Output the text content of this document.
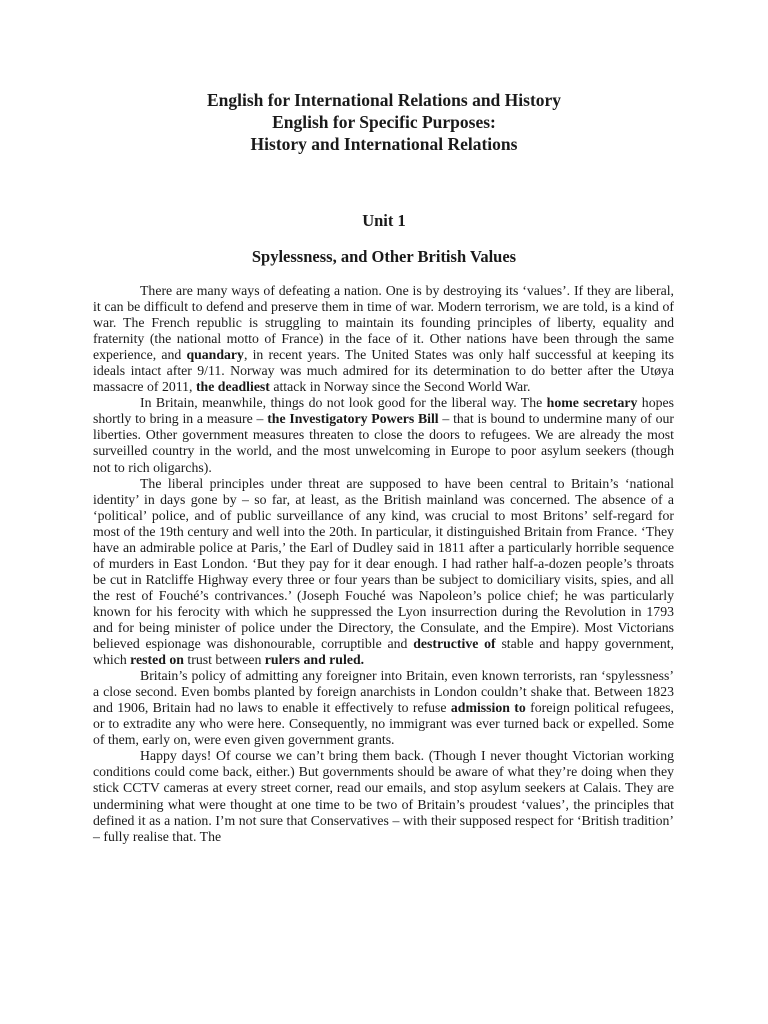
English for International Relations and History
English for Specific Purposes:
History and International Relations
Unit 1
Spylessness, and Other British Values

There are many ways of defeating a nation. One is by destroying its ‘values’. If they are liberal, it can be difficult to defend and preserve them in time of war. Modern terrorism, we are told, is a kind of war. The French republic is struggling to maintain its founding principles of liberty, equality and fraternity (the national motto of France) in the face of it. Other nations have been through the same experience, and quandary, in recent years. The United States was only half successful at keeping its ideals intact after 9/11. Norway was much admired for its determination to do better after the Utøya massacre of 2011, the deadliest attack in Norway since the Second World War.

In Britain, meanwhile, things do not look good for the liberal way. The home secretary hopes shortly to bring in a measure – the Investigatory Powers Bill – that is bound to undermine many of our liberties. Other government measures threaten to close the doors to refugees. We are already the most surveilled country in the world, and the most unwelcoming in Europe to poor asylum seekers (though not to rich oligarchs).

The liberal principles under threat are supposed to have been central to Britain’s ‘national identity’ in days gone by – so far, at least, as the British mainland was concerned. The absence of a ‘political’ police, and of public surveillance of any kind, was crucial to most Britons’ self-regard for most of the 19th century and well into the 20th. In particular, it distinguished Britain from France. ‘They have an admirable police at Paris,’ the Earl of Dudley said in 1811 after a particularly horrible sequence of murders in East London. ‘But they pay for it dear enough. I had rather half-a-dozen people’s throats be cut in Ratcliffe Highway every three or four years than be subject to domiciliary visits, spies, and all the rest of Fouché’s contrivances.’ (Joseph Fouché was Napoleon’s police chief; he was particularly known for his ferocity with which he suppressed the Lyon insurrection during the Revolution in 1793 and for being minister of police under the Directory, the Consulate, and the Empire). Most Victorians believed espionage was dishonourable, corruptible and destructive of stable and happy government, which rested on trust between rulers and ruled.

Britain’s policy of admitting any foreigner into Britain, even known terrorists, ran ‘spylessness’ a close second. Even bombs planted by foreign anarchists in London couldn’t shake that. Between 1823 and 1906, Britain had no laws to enable it effectively to refuse admission to foreign political refugees, or to extradite any who were here. Consequently, no immigrant was ever turned back or expelled. Some of them, early on, were even given government grants.

Happy days! Of course we can’t bring them back. (Though I never thought Victorian working conditions could come back, either.) But governments should be aware of what they’re doing when they stick CCTV cameras at every street corner, read our emails, and stop asylum seekers at Calais. They are undermining what were thought at one time to be two of Britain’s proudest ‘values’, the principles that defined it as a nation. I’m not sure that Conservatives – with their supposed respect for ‘British tradition’ – fully realise that. The
